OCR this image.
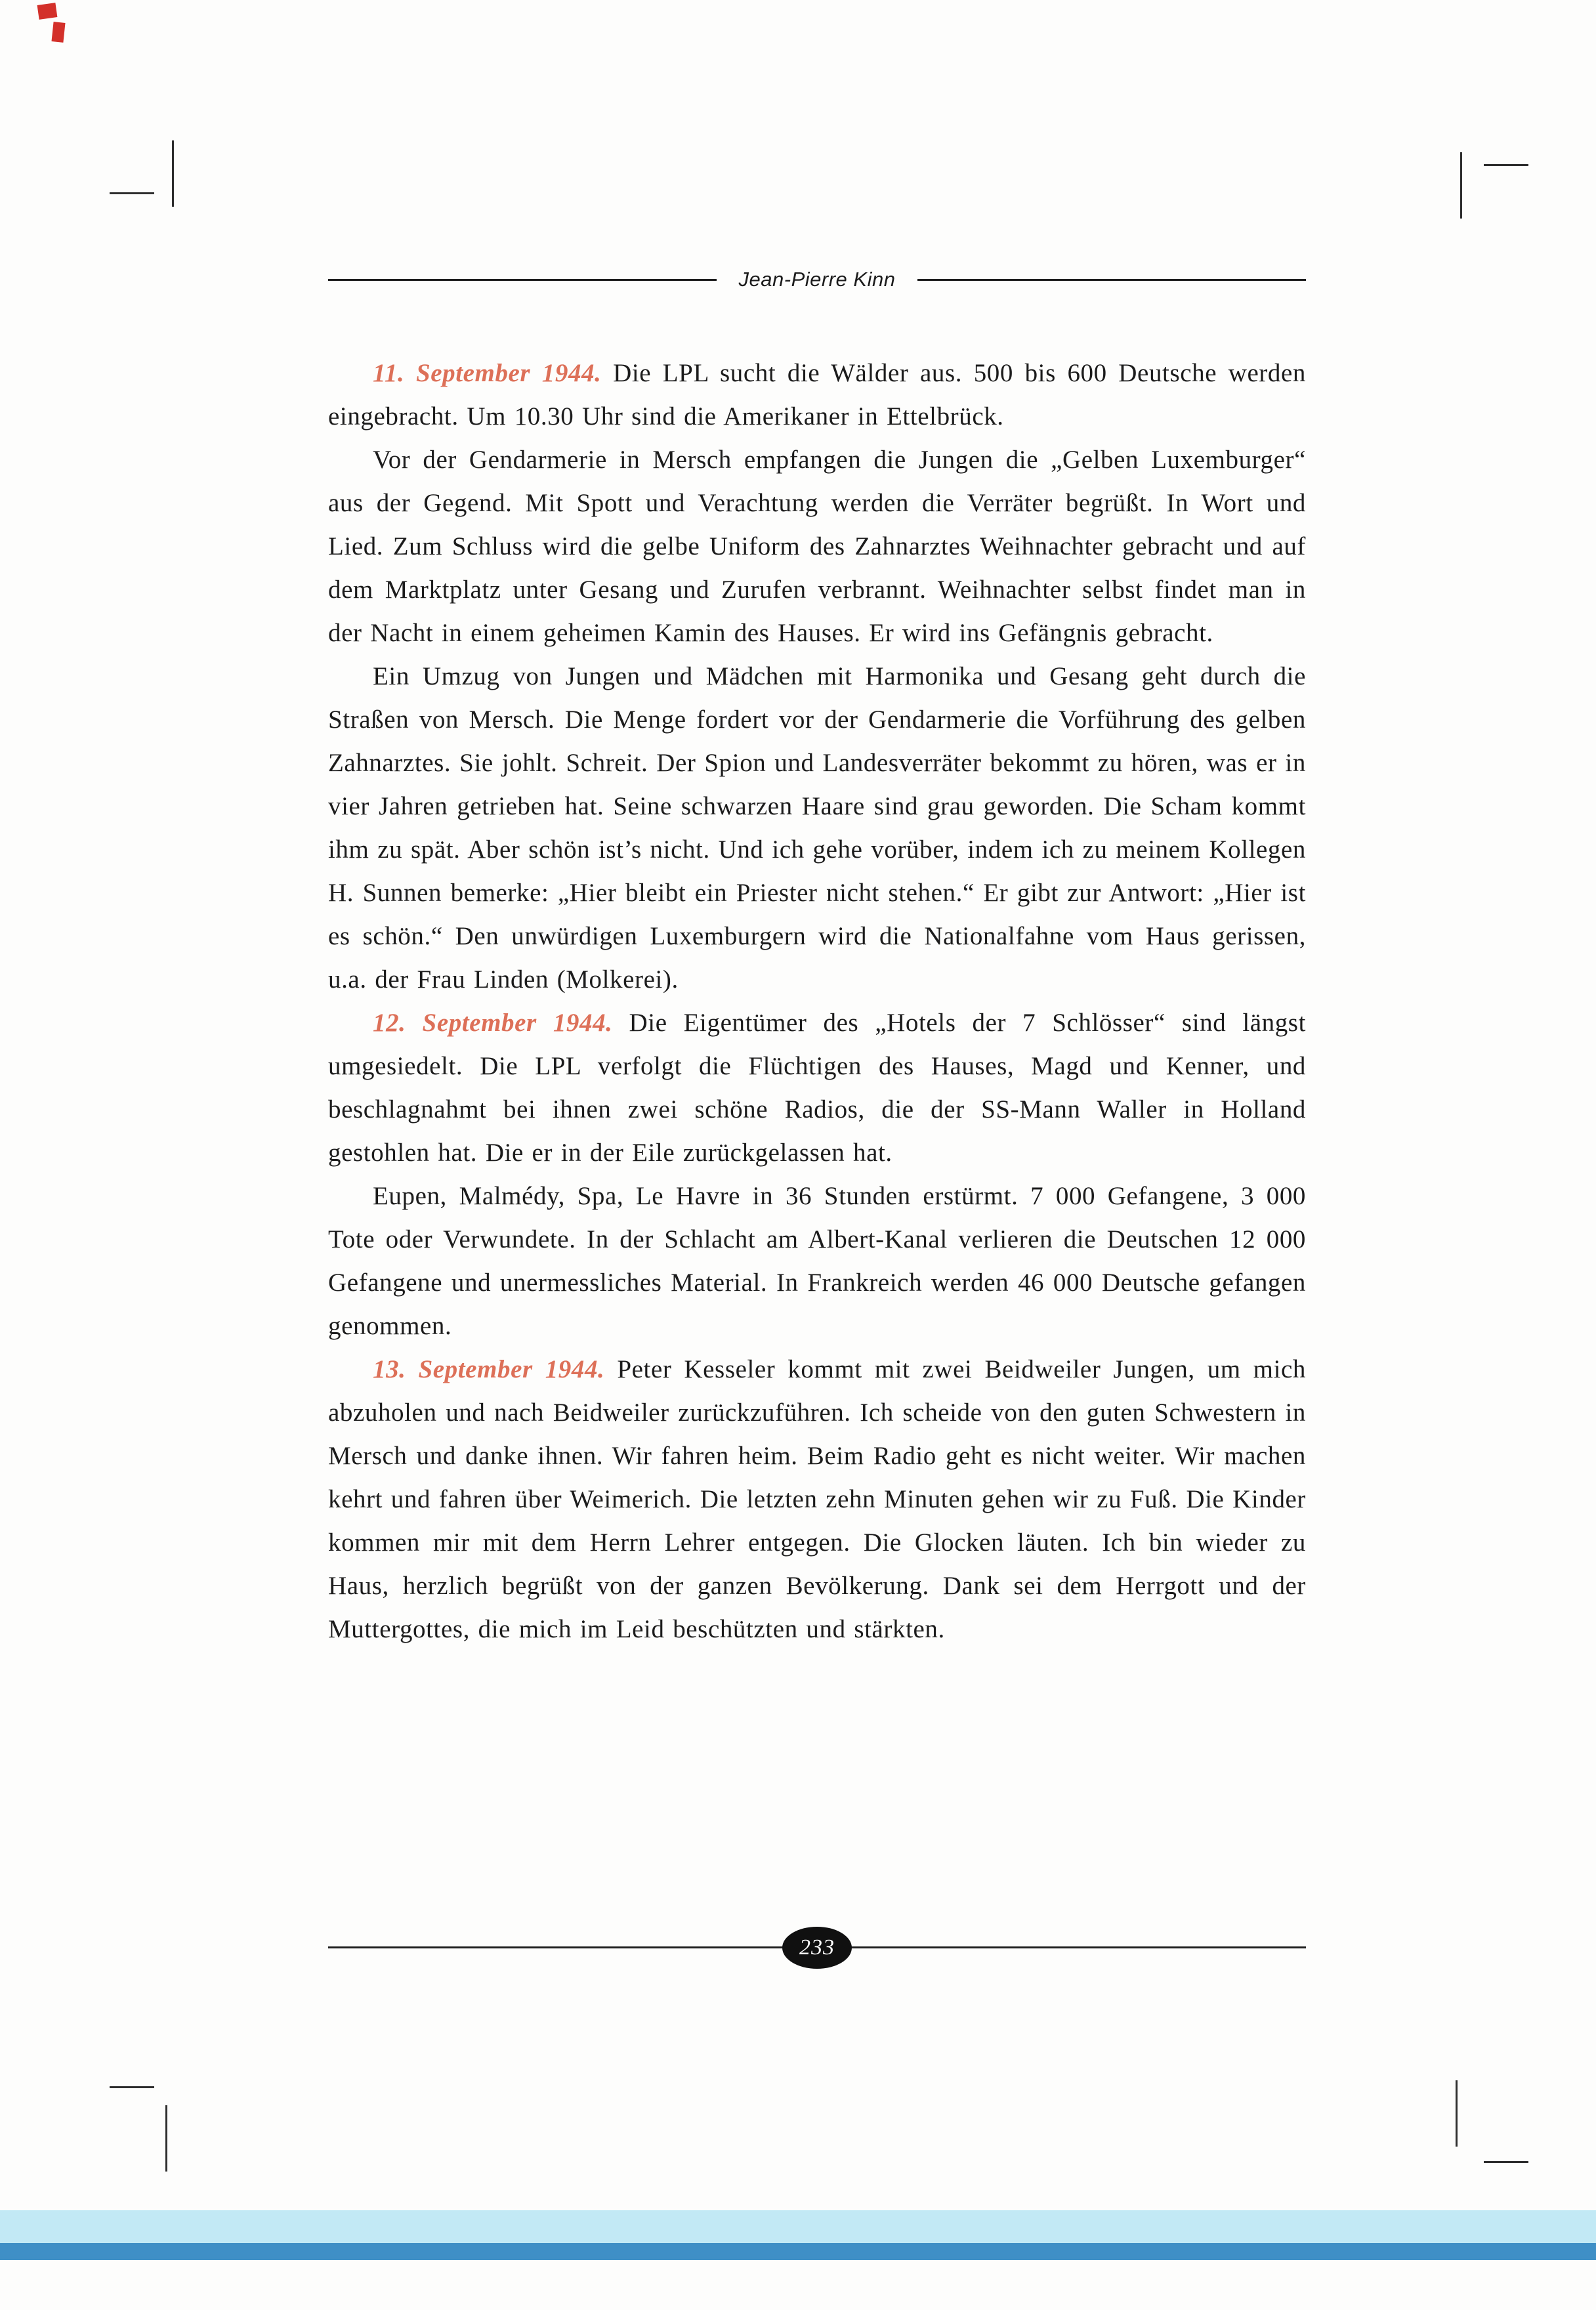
Jean-Pierre Kinn

11. September 1944. Die LPL sucht die Wälder aus. 500 bis 600 Deutsche werden eingebracht. Um 10.30 Uhr sind die Amerikaner in Ettelbrück.

Vor der Gendarmerie in Mersch empfangen die Jungen die „Gelben Luxemburger“ aus der Gegend. Mit Spott und Verachtung werden die Verräter begrüßt. In Wort und Lied. Zum Schluss wird die gelbe Uniform des Zahnarztes Weihnachter gebracht und auf dem Marktplatz unter Gesang und Zurufen verbrannt. Weihnachter selbst findet man in der Nacht in einem geheimen Kamin des Hauses. Er wird ins Gefängnis gebracht.

Ein Umzug von Jungen und Mädchen mit Harmonika und Gesang geht durch die Straßen von Mersch. Die Menge fordert vor der Gendarmerie die Vorführung des gelben Zahnarztes. Sie johlt. Schreit. Der Spion und Landesverräter bekommt zu hören, was er in vier Jahren getrieben hat. Seine schwarzen Haare sind grau geworden. Die Scham kommt ihm zu spät. Aber schön ist’s nicht. Und ich gehe vorüber, indem ich zu meinem Kollegen H. Sunnen bemerke: „Hier bleibt ein Priester nicht stehen.“ Er gibt zur Antwort: „Hier ist es schön.“ Den unwürdigen Luxemburgern wird die Nationalfahne vom Haus gerissen, u.a. der Frau Linden (Molkerei).

12. September 1944. Die Eigentümer des „Hotels der 7 Schlösser“ sind längst umgesiedelt. Die LPL verfolgt die Flüchtigen des Hauses, Magd und Kenner, und beschlagnahmt bei ihnen zwei schöne Radios, die der SS-Mann Waller in Holland gestohlen hat. Die er in der Eile zurückgelassen hat.

Eupen, Malmédy, Spa, Le Havre in 36 Stunden erstürmt. 7 000 Gefangene, 3 000 Tote oder Verwundete. In der Schlacht am Albert-Kanal verlieren die Deutschen 12 000 Gefangene und unermessliches Material. In Frankreich werden 46 000 Deutsche gefangen genommen.

13. September 1944. Peter Kesseler kommt mit zwei Beidweiler Jungen, um mich abzuholen und nach Beidweiler zurückzuführen. Ich scheide von den guten Schwestern in Mersch und danke ihnen. Wir fahren heim. Beim Radio geht es nicht weiter. Wir machen kehrt und fahren über Weimerich. Die letzten zehn Minuten gehen wir zu Fuß. Die Kinder kommen mir mit dem Herrn Lehrer entgegen. Die Glocken läuten. Ich bin wieder zu Haus, herzlich begrüßt von der ganzen Bevölkerung. Dank sei dem Herrgott und der Muttergottes, die mich im Leid beschützten und stärkten.

233
